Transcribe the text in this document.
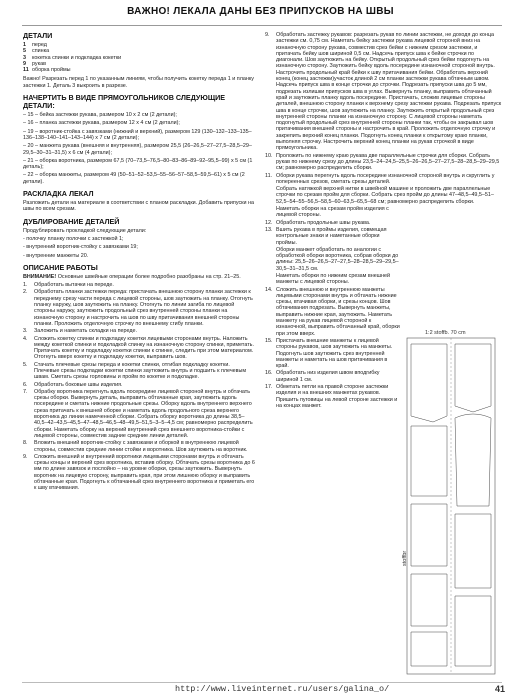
ВАЖНО! ЛЕКАЛА ДАНЫ БЕЗ ПРИПУСКОВ НА ШВЫ
ДЕТАЛИ
1 перед
5 спинка
3 кокетка спинки и подкладка кокетки
9 рукав
11 оборка проймы

Важно! Разрезать перед 1 по указанным линиям, чтобы получить кокетку переда 1 и планку застежки 1. Деталь 3 выкроить в разрезе.

НАЧЕРТИТЬ В ВИДЕ ПРЯМОУГОЛЬНИКОВ СЛЕДУЮЩИЕ ДЕТАЛИ:

– 15 – бейка застежки рукава, размером 10 х 2 см (2 детали);

– 16 – планка застежки рукава, размером 12 х 4 см (2 детали);

– 19 – воротник-стойка с завязками (нижний и верхний), размером 129 (130–132–133–135–136–138–140–141–143–144) х 7 см (2 детали);

– 20 – манжета рукава (внешняя и внутренняя), размером 25,5 (26–26,5–27–27,5–28,5–29–29,5–30–31–31,5) х 6 см (4 детали);

– 21 – оборка воротника, размером 67,5 (70–73,5–76,5–80–83–86–89–92–95,5–99) х 5 см (1 деталь);

– 22 – оборка манжеты, размером 49 (50–51–52–53,5–55–56–57–58,5–59,5–61) х 5 см (2 детали).

РАСКЛАДКА ЛЕКАЛ

Разложить детали на материале в соответствии с планом раскладки. Добавить припуски на швы по всем срезам.

ДУБЛИРОВАНИЕ ДЕТАЛЕЙ

Продублировать прокладкой следующие детали:

- полочку планку полочки с застежкой 1;

- внутренний воротник-стойку с завязками 19;

- внутренние манжеты 20.

ОПИСАНИЕ РАБОТЫ

ВНИМАНИЕ! Основные швейные операции более подробно разобраны на стр. 21–25.

1.	Обработать вытачки на переде.
2.	Обработать планки застежки переда: пристачать внешнюю сторону планки застежки к переднему срезу части переда с лицевой стороны, шов заутюжить на планку. Отогнуть планку наружу, шов заутюжить на планку. Отогнуть по линии загиба по лицевой стороны наружу, заутюжить продольный срез внутренней стороны планки на изнаночную сторону и настрочить на шов по шву притачивания внешней стороны планки. Проложить отделочную строчку по внешнему сгибу планки.
3.	Заложить и наметать складки на переде.
4.	Сложить кокетку спинки и подкладку кокетки лицевыми сторонами внутрь. Наложить между кокеткой спинки и подкладкой спинку на изнаночную сторону спинки, приметать. Притачать кокетку и подкладку кокетки спинки к спинке, следить при этом материалом. Отогнуть вверх кокетку и подкладку кокетки, выправить шов.
5.	Стачать плечевые срезы переда и кокетки спинки, отгибая подкладку кокетки. Плечевые срезы подкладки кокетки спинки заутюжить внутрь и подшить к плечевым швам. Сметать срезы горловины и пройм по кокетке и подкладке.
6.	Обработать боковые швы изделия.
7.	Обрабку воротника перегнуть вдоль посередине лицевой стороной внутрь и обтачать срезы оборки. Вывернуть деталь, выправить обтачанные края, заутюжить вдоль посередине и сметать нижние продольные срезы. Оборку вдоль внутреннего верхнего среза притачать к внешней оборке и наметать вдоль продольного среза верхнего воротника до линии намеченной сборки. Собрать оборку воротника до длины 38,5–40,5–42–43,5–45,5–47–48,5–46,5–48–49,5–51,5–3–5–4,5 см; равномерно распределить сборки. Наметать оборку на верхний внутренний срез внешнего воротника-стойки с лицевой стороны, совместив задние средние линии деталей.
8.	Вложить внешний воротник-стойку с завязками и оборкой в внутреннюю лицевой стороны, совместив средние линии стойки и воротника. Шов заутюжить на воротник.
9.	Сложить внешний и внутренний воротники лицевыми сторонами внутрь и обтачать срезы концы и верхний срез воротника, вставив оборку. Обтачать срезы воротника до 6 мм по длине завязок и послойно – на уровне оборки, срезы заутюжить. Вывернуть воротник на лицевую сторону, выправить края, при этом лишнюю оборку и выправить обтачанные края. Подогнуть к обтачанный срез внутреннего воротника и приметать его к шву втачивания.
9.	Обработать застежку рукавов: разрезать рукав по линии застежки, не доходя до конца застежки см. 0,75 см. Наметать бейку застежки рукава лицевой стороной вниз на изнаночную сторону рукава, совместив срез бейки с нижним срезом застежки, и притачать бейку шов шириной 0,5 см. Надсечь припуск шва к бейке строчки по диагонали. Шов заутюжить на бейку. Открытый продольный срез бейки подогнуть на изнаночную сторону. Заутюжить бейку вдоль посередине изнаночной стороной внутрь. Настрочить продольный край бейки к шву притачивания бейки. Обработать верхний конец (конец застежки)участок длиной 2 см планки застежки рукава обтачным швом. Надсечь припуск шва в конце строчки до строчки. Подрезать припуски шва до 5 мм, подрезать излишки припусков шва в углах. Вывернуть планку, выправить обтачанный край и заутюжить планку вдоль посередине. Пристачать, сложив лицевые стороны деталей, внешнюю сторону планки к верхнему срезу застежки рукава. Подрезать припуск шва в конце строчки, шов заутюжить на планку. Заутюжить открытый продольный срез внутренней стороны планки на изнаночную сторону. С лицевой стороны наметать подогнутый продольный срез внутренней стороны планки так, чтобы он закрывал шов притачивания внешней стороны и настрочить в край. Проложить отделочную строчку и закрепить верхний конец планки. Подогнуть конец планки к открытому краю планки, выполняя строчку. Настрочить верхний конец планки на рукав строчкой в виде прямоугольника.
10. Проложить по нижнему краю рукава две параллельные строчки для сборки. Собрать рукав по нижнему срезу до длины 23,5–24–24,5–25,5–26–26,5–27–27,5–28–28,5–29–29,5 см; равномерно распределить сборки.
11. Оборки рукава перегнуть вдоль посередине изнаночной стороной внутрь и скруглить у попереенных срезов, сметать срезы деталей.
Собрать натяжкой верхней нитки в швейной машине и проложить две параллельные строчки по срезам пройм для сборки. Собрать срез пройм до длины 47–48,5–49,5–51–52,5–54–55–56,5–58,5–60–63,5–65,5–68 см; равномерно распределить сборки.
Наметать оборки на срезам пройм изделия с лицевой стороны.
12. Обработать продольные швы рукава.
13. Вшить рукава в проймы изделия, совмещая контрольные знаки и наметанные оборки проймы.
Оборки манжет обработать по аналогии с обработкой оборки воротника, собрав оборки до длины: 25,5–26–26,5–27–27,5–28–28,5–29–29,5–30,5–31–31,5 см.
Наметать оборки по нижним срезам внешней манжеты с лицевой стороны.
14. Сложить внешнюю и внутреннюю манжеты лицевыми сторонами внутрь и обтачать нижние срезы, втачивая оборки, и срезы концов. Шов обтачивания подрезать. Вывернуть манжеты, выправить нижние края, заутюжить. Наметать манжету на рукав лицевой стороной к изнаночной, выправить обтачанный край, оборки при этом вверх.
15. Пристачать внешние манжеты к лицевой стороны рукавов, шов заутюжить на манжеты. Подогнуть шов заутюжить срез внутренней манжеты и наметать на шов притачивания в край.
16. Обработать низ изделия швом вподгибку шириной 1 см.
17. Обметать петли на правой стороне застежки изделия и на внешних манжетах рукавов. Пришить пуговицы на левой стороне застежки и на концах манжет.
1:2 stoffb. 70 cm
stoffbr
http://www.liveinternet.ru/users/galina_o/	41
